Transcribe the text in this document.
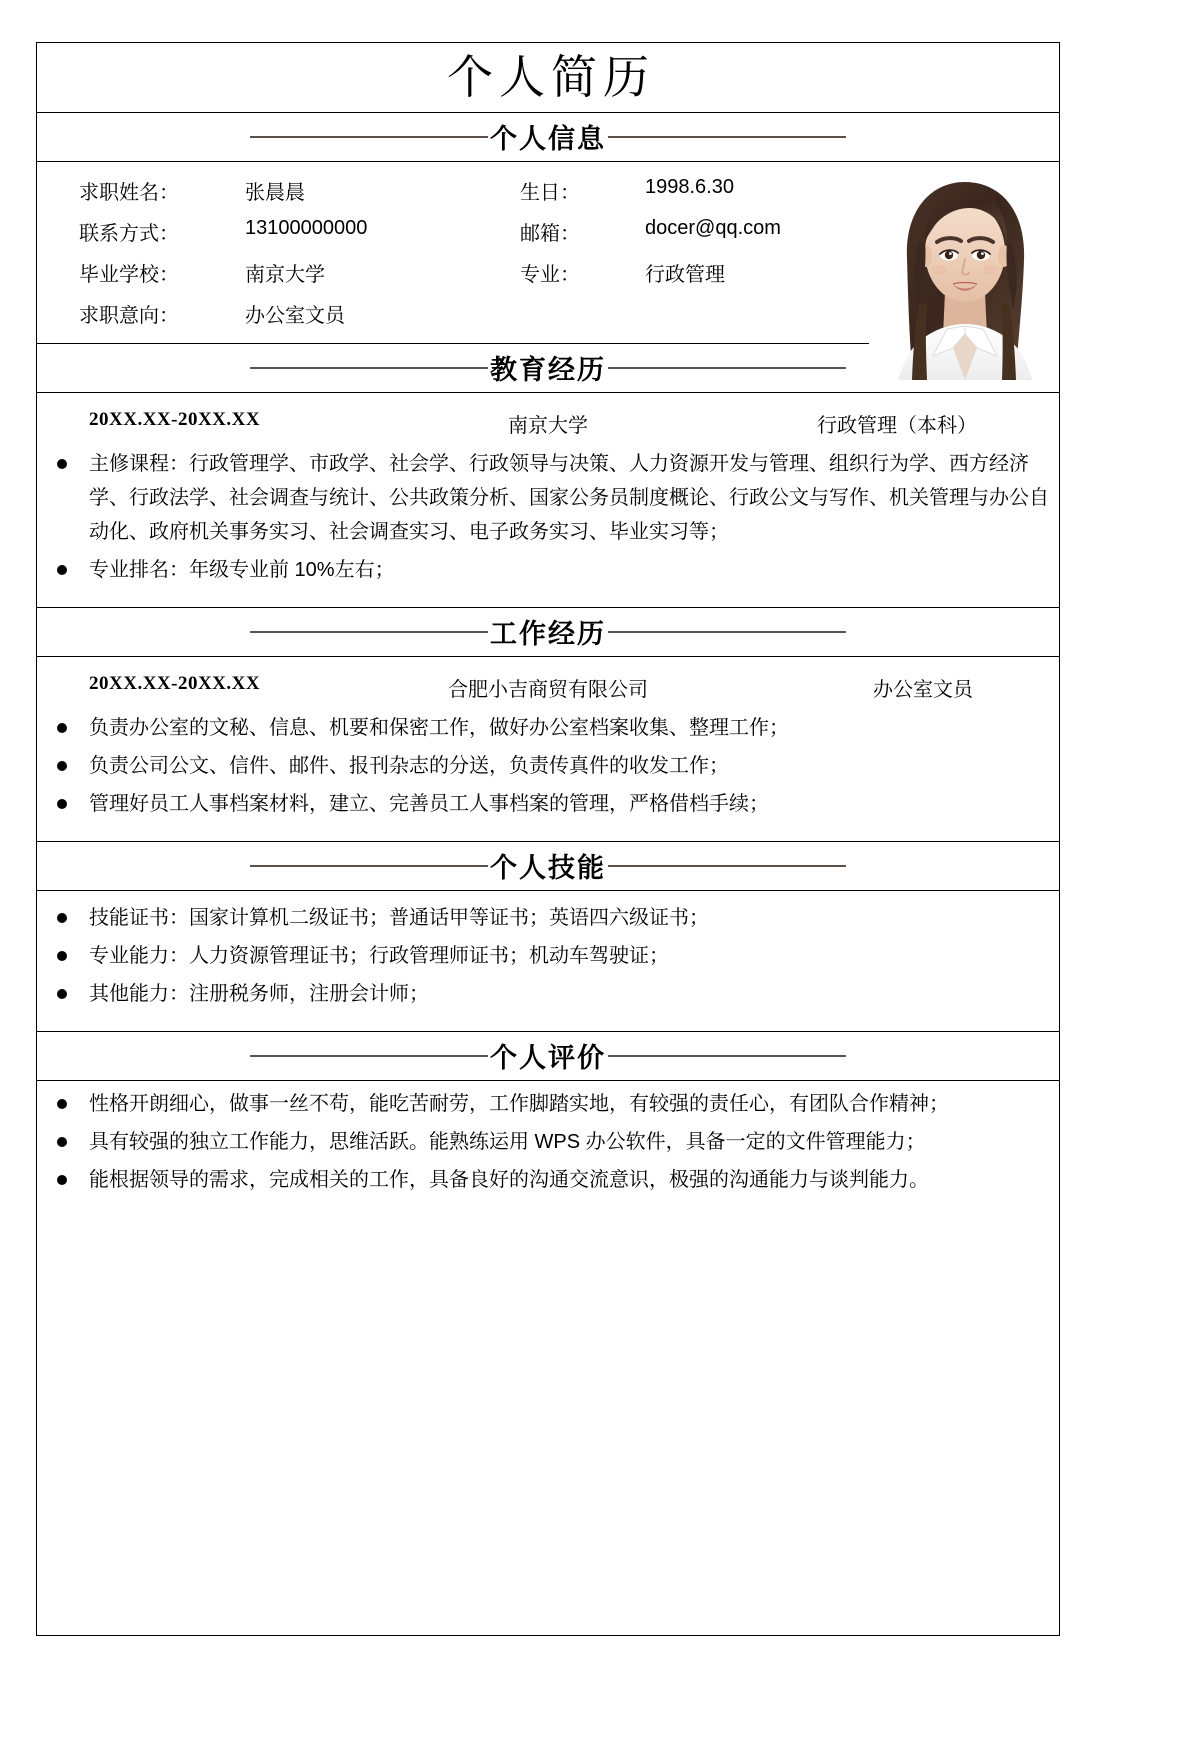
个人简历
个人信息
求职姓名：	张晨晨	生日：	1998.6.30
联系方式：	13100000000	邮箱：	docer@qq.com
毕业学校：	南京大学	专业：	行政管理
求职意向：	办公室文员
教育经历
20XX.XX-20XX.XX	南京大学	行政管理（本科）
主修课程：行政管理学、市政学、社会学、行政领导与决策、人力资源开发与管理、组织行为学、西方经济学、行政法学、社会调查与统计、公共政策分析、国家公务员制度概论、行政公文与写作、机关管理与办公自动化、政府机关事务实习、社会调查实习、电子政务实习、毕业实习等；
专业排名：年级专业前 10%左右；
工作经历
20XX.XX-20XX.XX	合肥小吉商贸有限公司	办公室文员
负责办公室的文秘、信息、机要和保密工作，做好办公室档案收集、整理工作；
负责公司公文、信件、邮件、报刊杂志的分送，负责传真件的收发工作；
管理好员工人事档案材料，建立、完善员工人事档案的管理，严格借档手续；
个人技能
技能证书：国家计算机二级证书；普通话甲等证书；英语四六级证书；
专业能力：人力资源管理证书；行政管理师证书；机动车驾驶证；
其他能力：注册税务师，注册会计师；
个人评价
性格开朗细心，做事一丝不苟，能吃苦耐劳，工作脚踏实地，有较强的责任心，有团队合作精神；
具有较强的独立工作能力，思维活跃。能熟练运用 WPS 办公软件，具备一定的文件管理能力；
能根据领导的需求，完成相关的工作，具备良好的沟通交流意识，极强的沟通能力与谈判能力。
